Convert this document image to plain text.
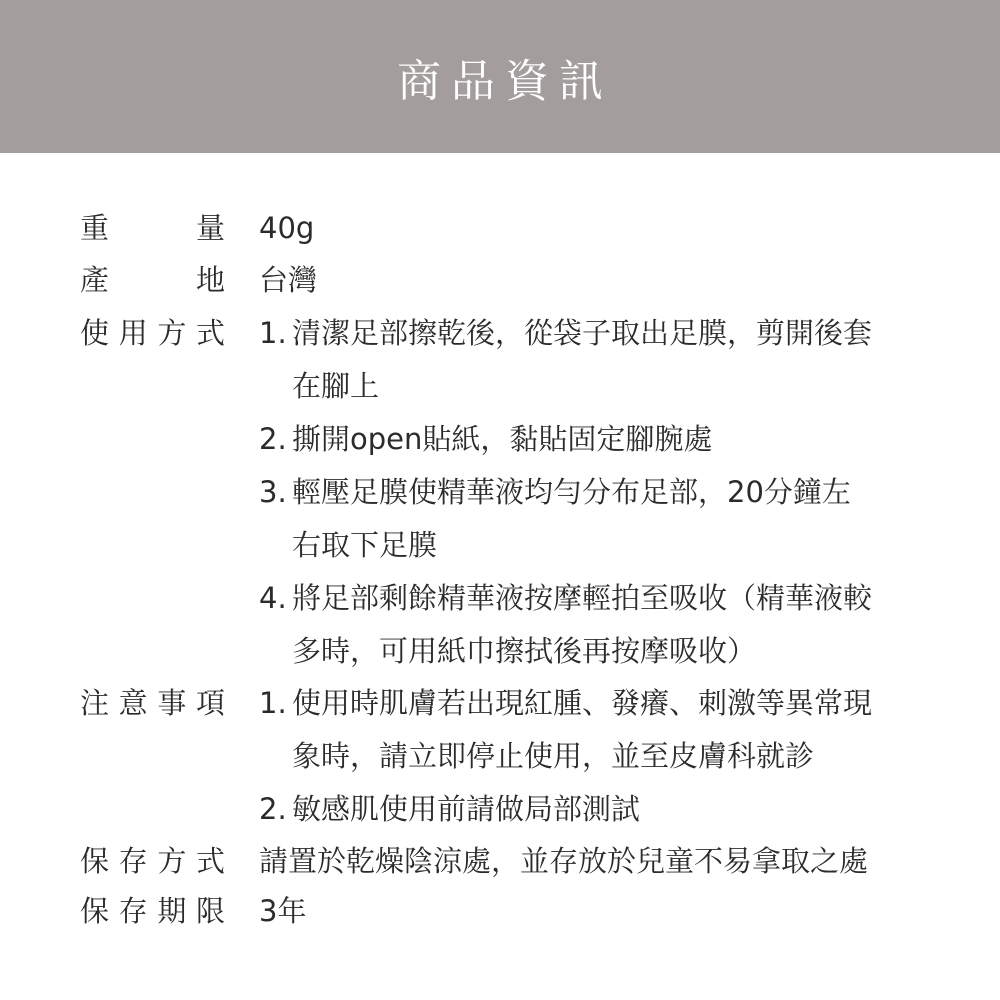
商品資訊
重	量 40g
產	地 台灣
使 用 方 式 1. 清潔足部擦乾後，從袋子取出足膜，剪開後套
在腳上
2. 撕開open貼紙，黏貼固定腳腕處
3. 輕壓足膜使精華液均勻分布足部，20分鐘左
右取下足膜
4. 將足部剩餘精華液按摩輕拍至吸收（精華液較
多時，可用紙巾擦拭後再按摩吸收）
注 意 事 項 1. 使用時肌膚若出現紅腫、發癢、刺激等異常現
象時，請立即停止使用，並至皮膚科就診
2. 敏感肌使用前請做局部測試
保 存 方 式 請置於乾燥陰涼處，並存放於兒童不易拿取之處
保 存 期 限 3年
